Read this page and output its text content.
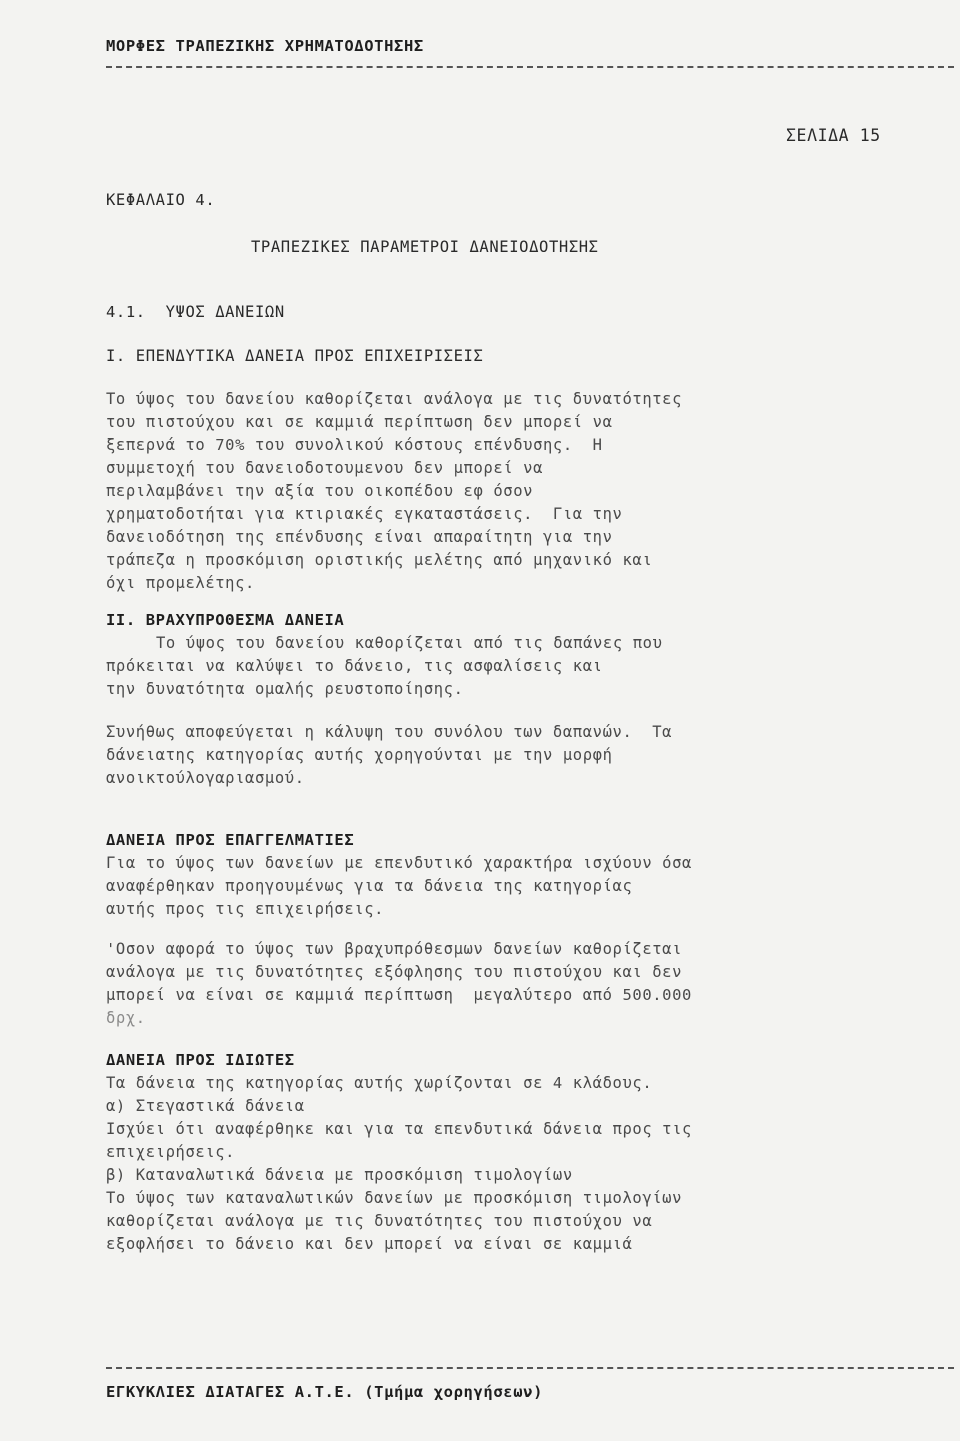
ΜΟΡΦΕΣ ΤΡΑΠΕΖΙΚΗΣ ΧΡΗΜΑΤΟΔΟΤΗΣΗΣ
ΣΕΛΙΔΑ 15
ΚΕΦΑΛΑΙΟ 4.
ΤΡΑΠΕΖΙΚΕΣ ΠΑΡΑΜΕΤΡΟΙ ΔΑΝΕΙΟΔΟΤΗΣΗΣ
4.1.  ΥΨΟΣ ΔΑΝΕΙΩΝ
Ι. ΕΠΕΝΔΥΤΙΚΑ ΔΑΝΕΙΑ ΠΡΟΣ ΕΠΙΧΕΙΡΙΣΕΙΣ
Το ύψος του δανείου καθορίζεται ανάλογα με τις δυνατότητες
του πιστούχου και σε καμμιά περίπτωση δεν μπορεί να
ξεπερνά το 70% του συνολικού κόστους επένδυσης.  Η
συμμετοχή του δανειοδοτουμενου δεν μπορεί να
περιλαμβάνει την αξία του οικοπέδου εφ όσον
χρηματοδοτήται για κτιριακές εγκαταστάσεις.  Για την
δανειοδότηση της επένδυσης είναι απαραίτητη για την
τράπεζα η προσκόμιση οριστικής μελέτης από μηχανικό και
όχι προμελέτης.
ΙΙ. ΒΡΑΧΥΠΡΟΘΕΣΜΑ ΔΑΝΕΙΑ
Το ύψος του δανείου καθορίζεται από τις δαπάνες που
πρόκειται να καλύψει το δάνειο, τις ασφαλίσεις και
την δυνατότητα ομαλής ρευστοποίησης.
Συνήθως αποφεύγεται η κάλυψη του συνόλου των δαπανών.  Τα
δάνειατης κατηγορίας αυτής χορηγούνται με την μορφή
ανοικτούλογαριασμού.
ΔΑΝΕΙΑ ΠΡΟΣ ΕΠΑΓΓΕΛΜΑΤΙΕΣ
Για το ύψος των δανείων με επενδυτικό χαρακτήρα ισχύουν όσα
αναφέρθηκαν προηγουμένως για τα δάνεια της κατηγορίας
αυτής προς τις επιχειρήσεις.
'Οσον αφορά το ύψος των βραχυπρόθεσμων δανείων καθορίζεται
ανάλογα με τις δυνατότητες εξόφλησης του πιστούχου και δεν
μπορεί να είναι σε καμμιά περίπτωση  μεγαλύτερο από 500.000
δρχ.
ΔΑΝΕΙΑ ΠΡΟΣ ΙΔΙΩΤΕΣ
Τα δάνεια της κατηγορίας αυτής χωρίζονται σε 4 κλάδους.
α) Στεγαστικά δάνεια
Ισχύει ότι αναφέρθηκε και για τα επενδυτικά δάνεια προς τις
επιχειρήσεις.
β) Καταναλωτικά δάνεια με προσκόμιση τιμολογίων
Το ύψος των καταναλωτικών δανείων με προσκόμιση τιμολογίων
καθορίζεται ανάλογα με τις δυνατότητες του πιστούχου να
εξοφλήσει το δάνειο και δεν μπορεί να είναι σε καμμιά
ΕΓΚΥΚΛΙΕΣ ΔΙΑΤΑΓΕΣ Α.Τ.Ε. (Τμήμα χορηγήσεων)
